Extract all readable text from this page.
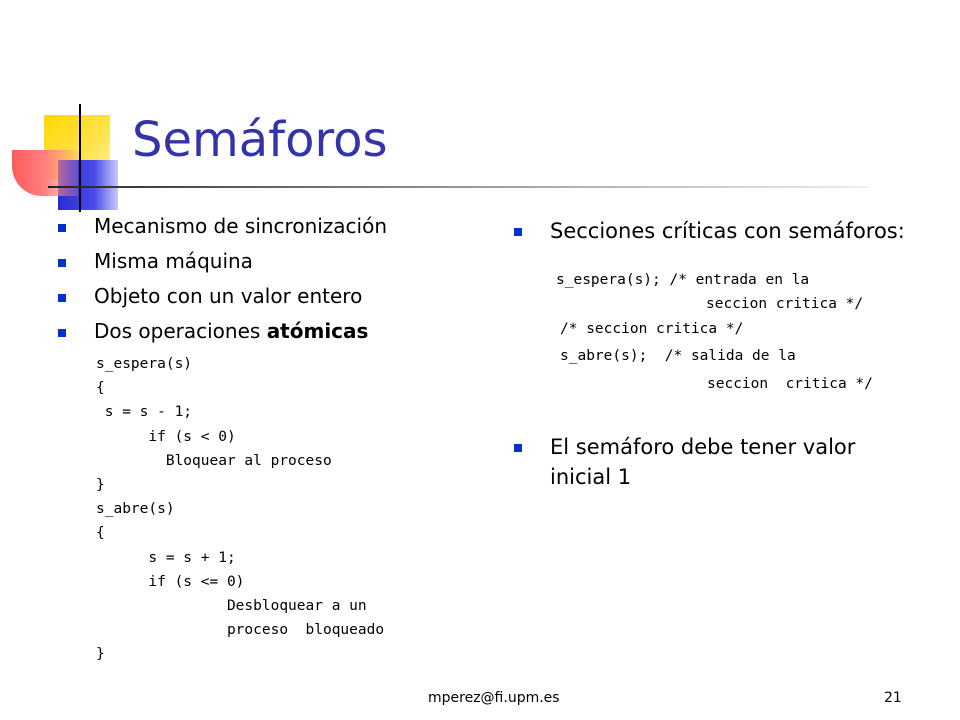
Semáforos
Mecanismo de sincronización
Misma máquina
Objeto con un valor entero
Dos operaciones atómicas
s_espera(s)
{
s = s - 1;
if (s < 0)
Bloquear al proceso
}
s_abre(s)
{
s = s + 1;
if (s <= 0)
Desbloquear a un
proceso  bloqueado
}
Secciones críticas con semáforos:
s_espera(s); /* entrada en la
seccion critica */
/* seccion critica */
s_abre(s);  /* salida de la
seccion  critica */
El semáforo debe tener valor inicial 1
mperez@fi.upm.es	21
